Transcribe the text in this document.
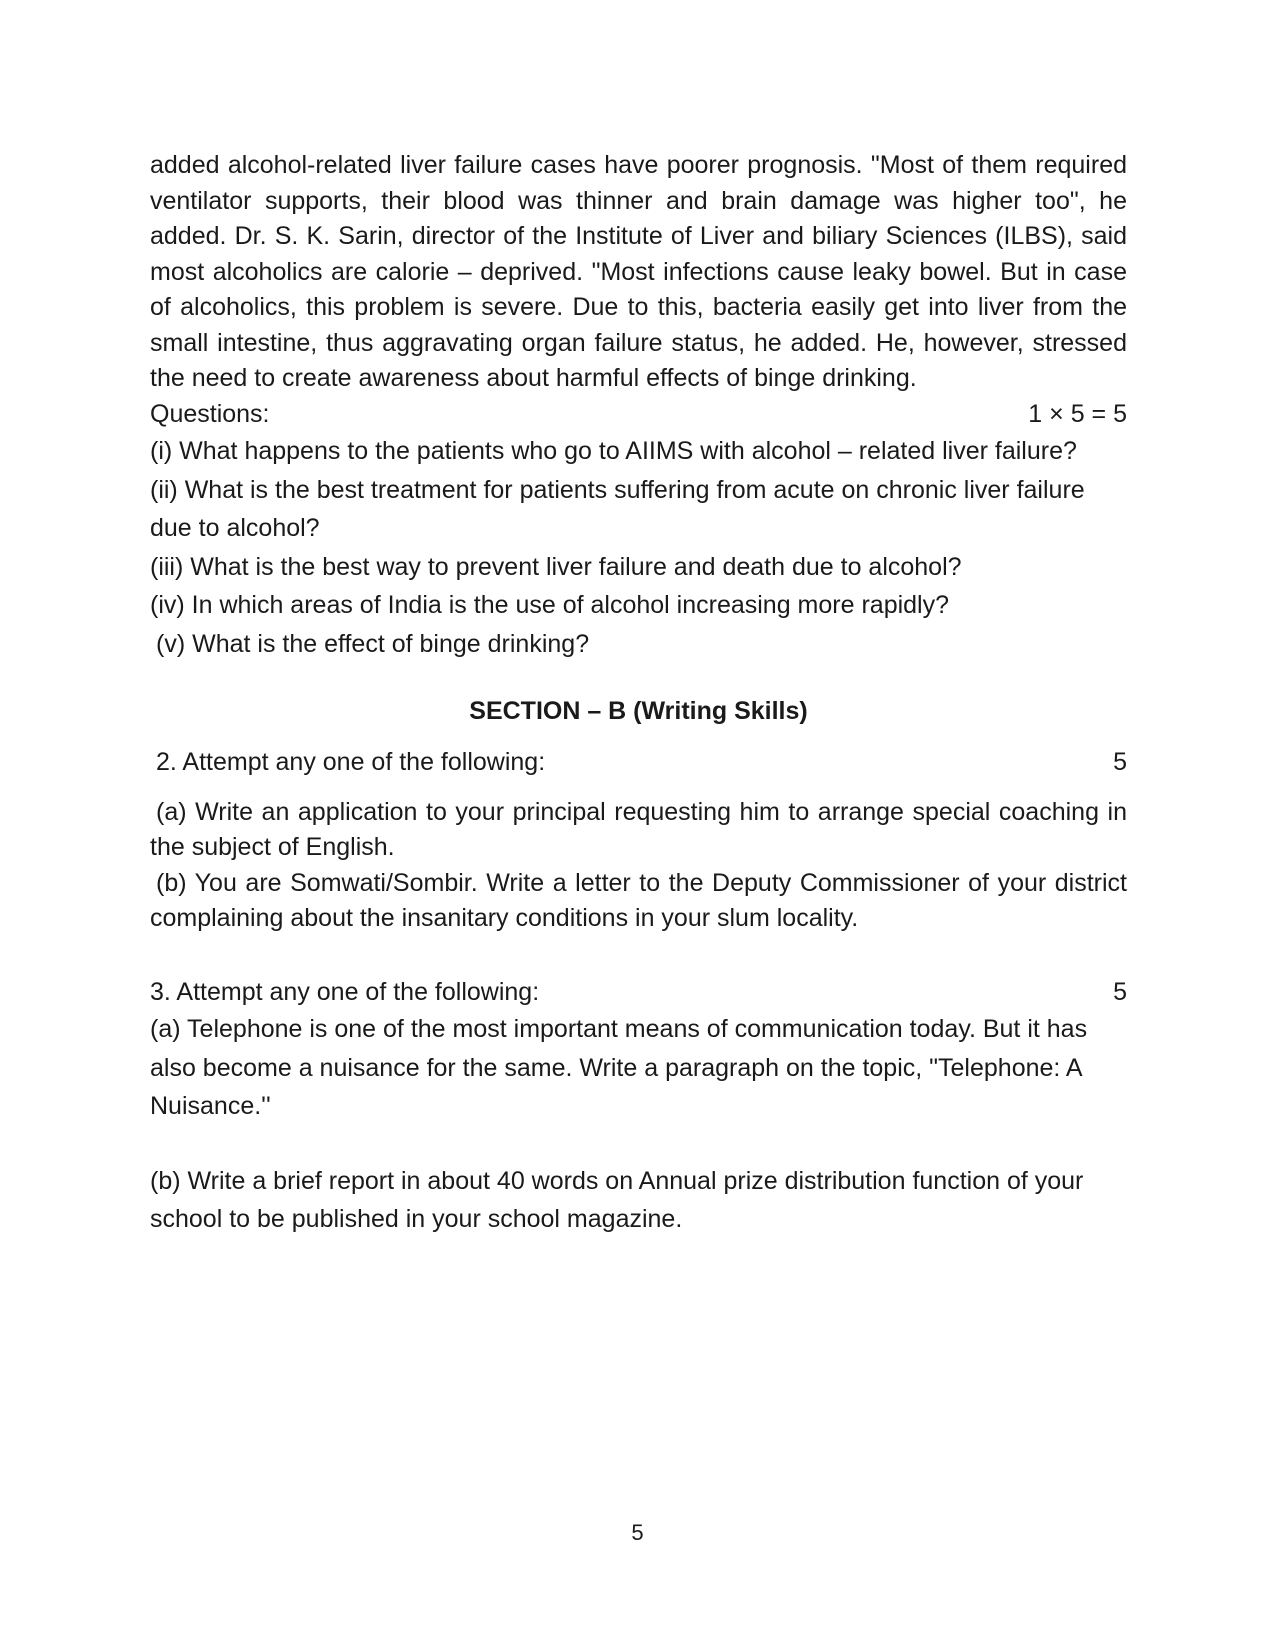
added alcohol-related liver failure cases have poorer prognosis. "Most of them required ventilator supports, their blood was thinner and brain damage was higher too", he added. Dr. S. K. Sarin, director of the Institute of Liver and biliary Sciences (ILBS), said most alcoholics are calorie – deprived. "Most infections cause leaky bowel. But in case of alcoholics, this problem is severe. Due to this, bacteria easily get into liver from the small intestine, thus aggravating organ failure status, he added. He, however, stressed the need to create awareness about harmful effects of binge drinking.

Questions:	1 × 5 = 5

(i) What happens to the patients who go to AIIMS with alcohol – related liver failure?

(ii) What is the best treatment for patients suffering from acute on chronic liver failure due to alcohol?

(iii) What is the best way to prevent liver failure and death due to alcohol?

(iv) In which areas of India is the use of alcohol increasing more rapidly?

(v) What is the effect of binge drinking?

SECTION – B (Writing Skills)
2. Attempt any one of the following:	5

(a) Write an application to your principal requesting him to arrange special coaching in the subject of English.

(b) You are Somwati/Sombir. Write a letter to the Deputy Commissioner of your district complaining about the insanitary conditions in your slum locality.

3. Attempt any one of the following:	5

(a) Telephone is one of the most important means of communication today. But it has also become a nuisance for the same. Write a paragraph on the topic, "Telephone: A Nuisance.''

(b) Write a brief report in about 40 words on Annual prize distribution function of your school to be published in your school magazine.

5
